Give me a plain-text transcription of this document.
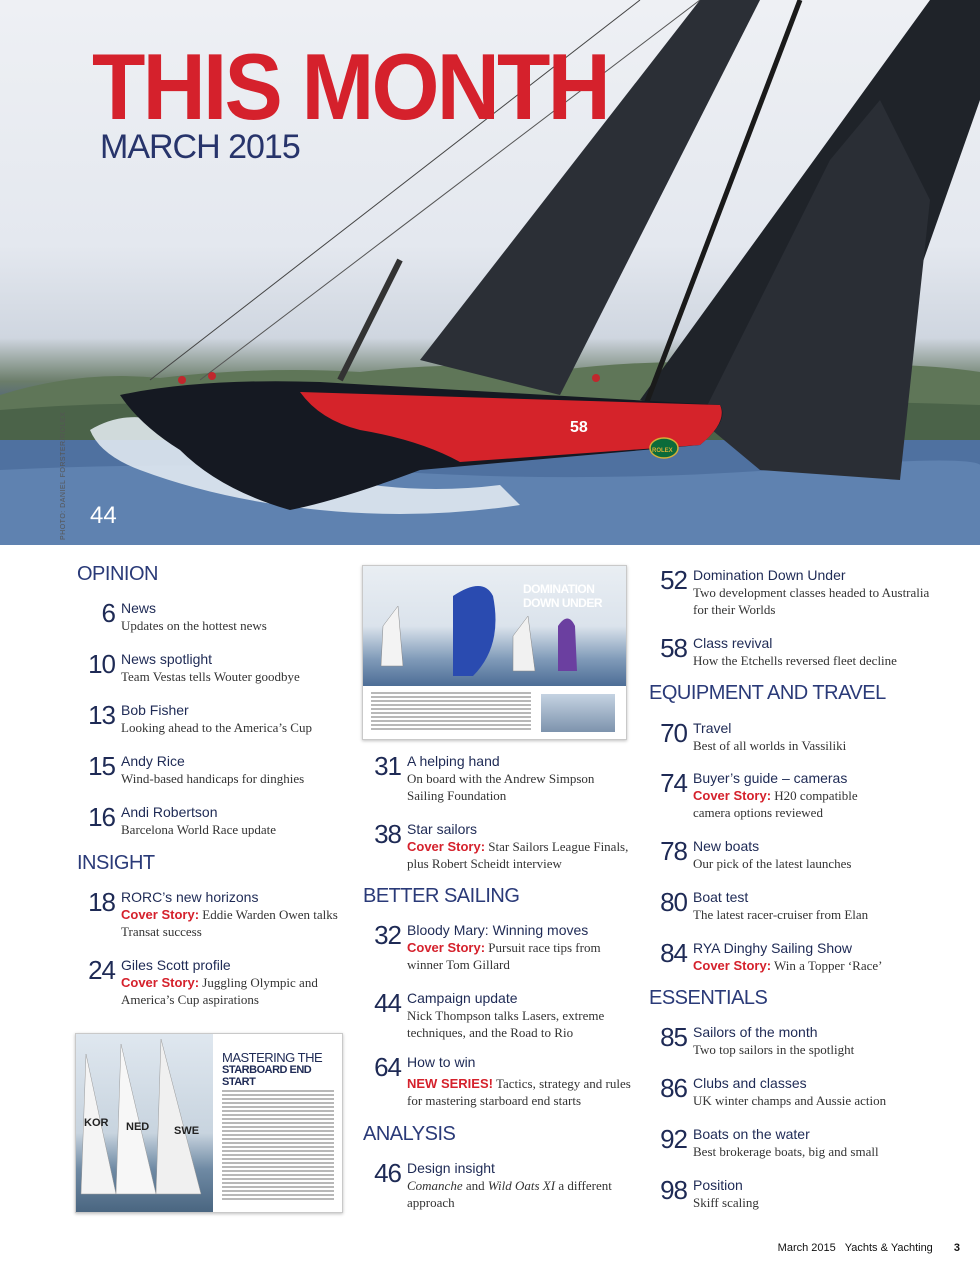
58
ROLEX
THIS MONTH
MARCH 2015
44
PHOTO: DANIEL FORSTER/ROLEX
OPINION
6 News
Updates on the hottest news
10 News spotlight
Team Vestas tells Wouter goodbye
13 Bob Fisher
Looking ahead to the America’s Cup
15 Andy Rice
Wind-based handicaps for dinghies
16 Andi Robertson
Barcelona World Race update
INSIGHT
18 RORC’s new horizons
Cover Story: Eddie Warden Owen talks Transat success
24 Giles Scott profile
Cover Story: Juggling Olympic and America’s Cup aspirations
KOR NED SWE
MASTERING THE
STARBOARD END START
DOMINATION
DOWN UNDER
31 A helping hand
On board with the Andrew Simpson Sailing Foundation
38 Star sailors
Cover Story: Star Sailors League Finals, plus Robert Scheidt interview
BETTER SAILING
32 Bloody Mary: Winning moves
Cover Story: Pursuit race tips from winner Tom Gillard
44 Campaign update
Nick Thompson talks Lasers, extreme techniques, and the Road to Rio
64 How to win
NEW SERIES! Tactics, strategy and rules for mastering starboard end starts
ANALYSIS
46 Design insight
Comanche and Wild Oats XI a different approach
52 Domination Down Under
Two development classes headed to Australia for their Worlds
58 Class revival
How the Etchells reversed fleet decline
EQUIPMENT AND TRAVEL
70 Travel
Best of all worlds in Vassiliki
74 Buyer’s guide – cameras
Cover Story: H20 compatible camera options reviewed
78 New boats
Our pick of the latest launches
80 Boat test
The latest racer-cruiser from Elan
84 RYA Dinghy Sailing Show
Cover Story: Win a Topper ‘Race’
ESSENTIALS
85 Sailors of the month
Two top sailors in the spotlight
86 Clubs and classes
UK winter champs and Aussie action
92 Boats on the water
Best brokerage boats, big and small
98 Position
Skiff scaling
March 2015 Yachts & Yachting 3
